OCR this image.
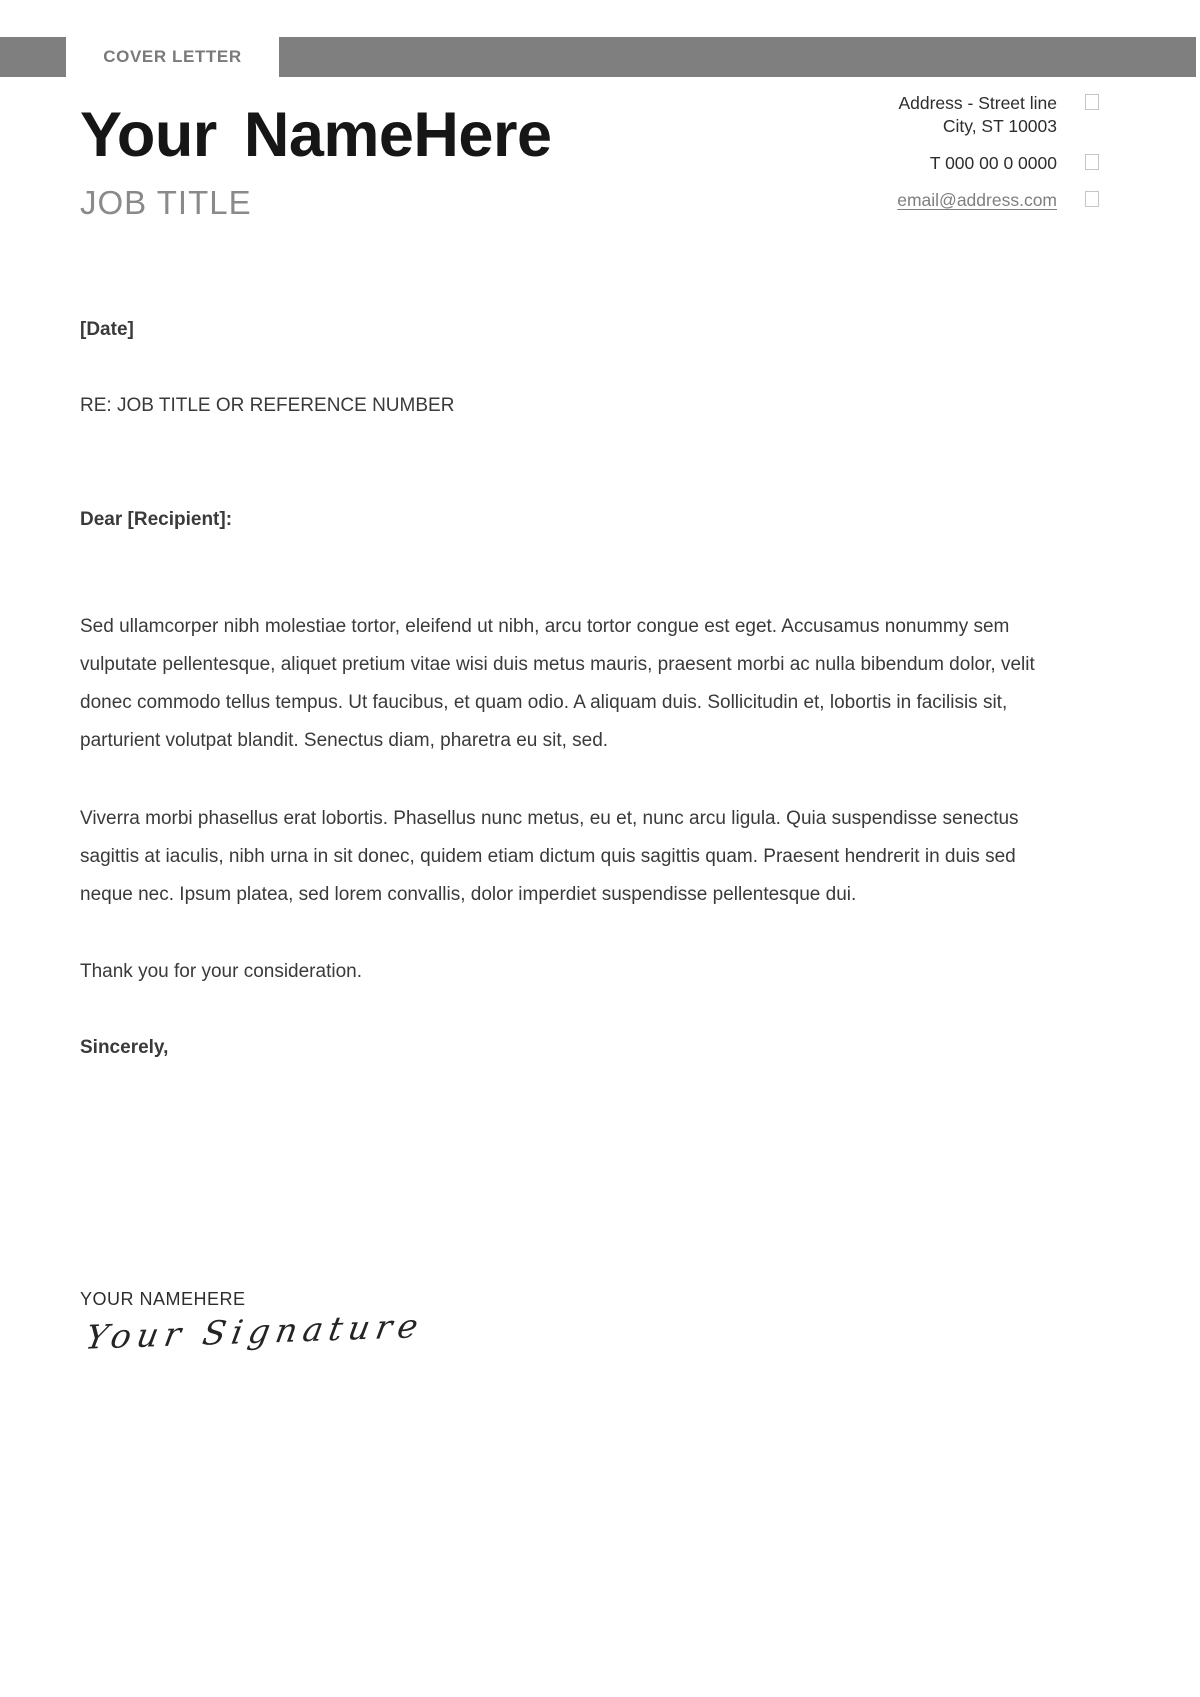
COVER LETTER
Your NameHere
JOB TITLE
Address - Street line
City, ST 10003
T 000 00 0 0000
email@address.com
[Date]
RE: JOB TITLE OR REFERENCE NUMBER
Dear [Recipient]:

Sed ullamcorper nibh molestiae tortor, eleifend ut nibh, arcu tortor congue est eget. Accusamus nonummy sem vulputate pellentesque, aliquet pretium vitae wisi duis metus mauris, praesent morbi ac nulla bibendum dolor, velit donec commodo tellus tempus. Ut faucibus, et quam odio. A aliquam duis. Sollicitudin et, lobortis in facilisis sit, parturient volutpat blandit. Senectus diam, pharetra eu sit, sed.

Viverra morbi phasellus erat lobortis. Phasellus nunc metus, eu et, nunc arcu ligula. Quia suspendisse senectus sagittis at iaculis, nibh urna in sit donec, quidem etiam dictum quis sagittis quam. Praesent hendrerit in duis sed neque nec. Ipsum platea, sed lorem convallis, dolor imperdiet suspendisse pellentesque dui.

Thank you for your consideration.
Sincerely,
YOUR NAMEHERE
Your Signature
